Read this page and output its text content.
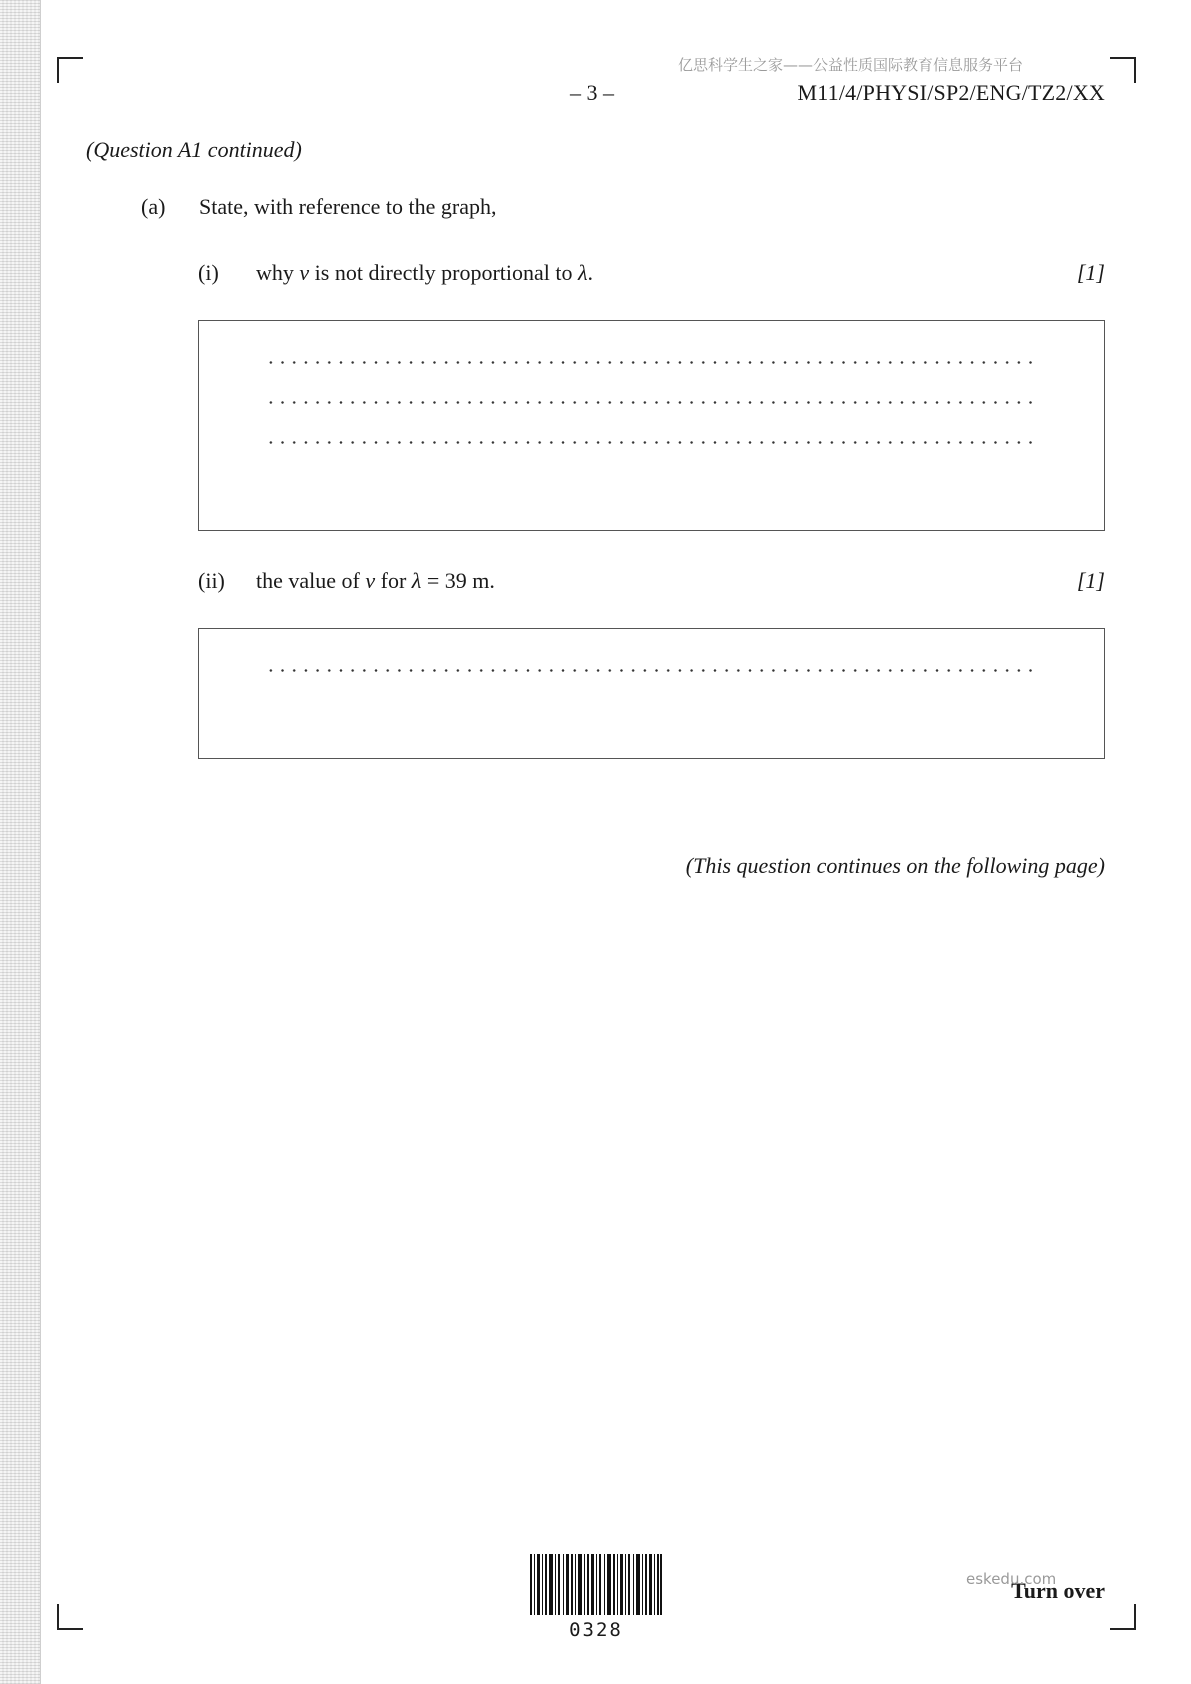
亿思科学生之家——公益性质国际教育信息服务平台
– 3 –	M11/4/PHYSI/SP2/ENG/TZ2/XX
(Question A1 continued)
(a) State, with reference to the graph,
(i) why v is not directly proportional to λ.	[1]
(ii) the value of v for λ = 39 m.	[1]
(This question continues on the following page)
0328
Turn over
eskedu.com
